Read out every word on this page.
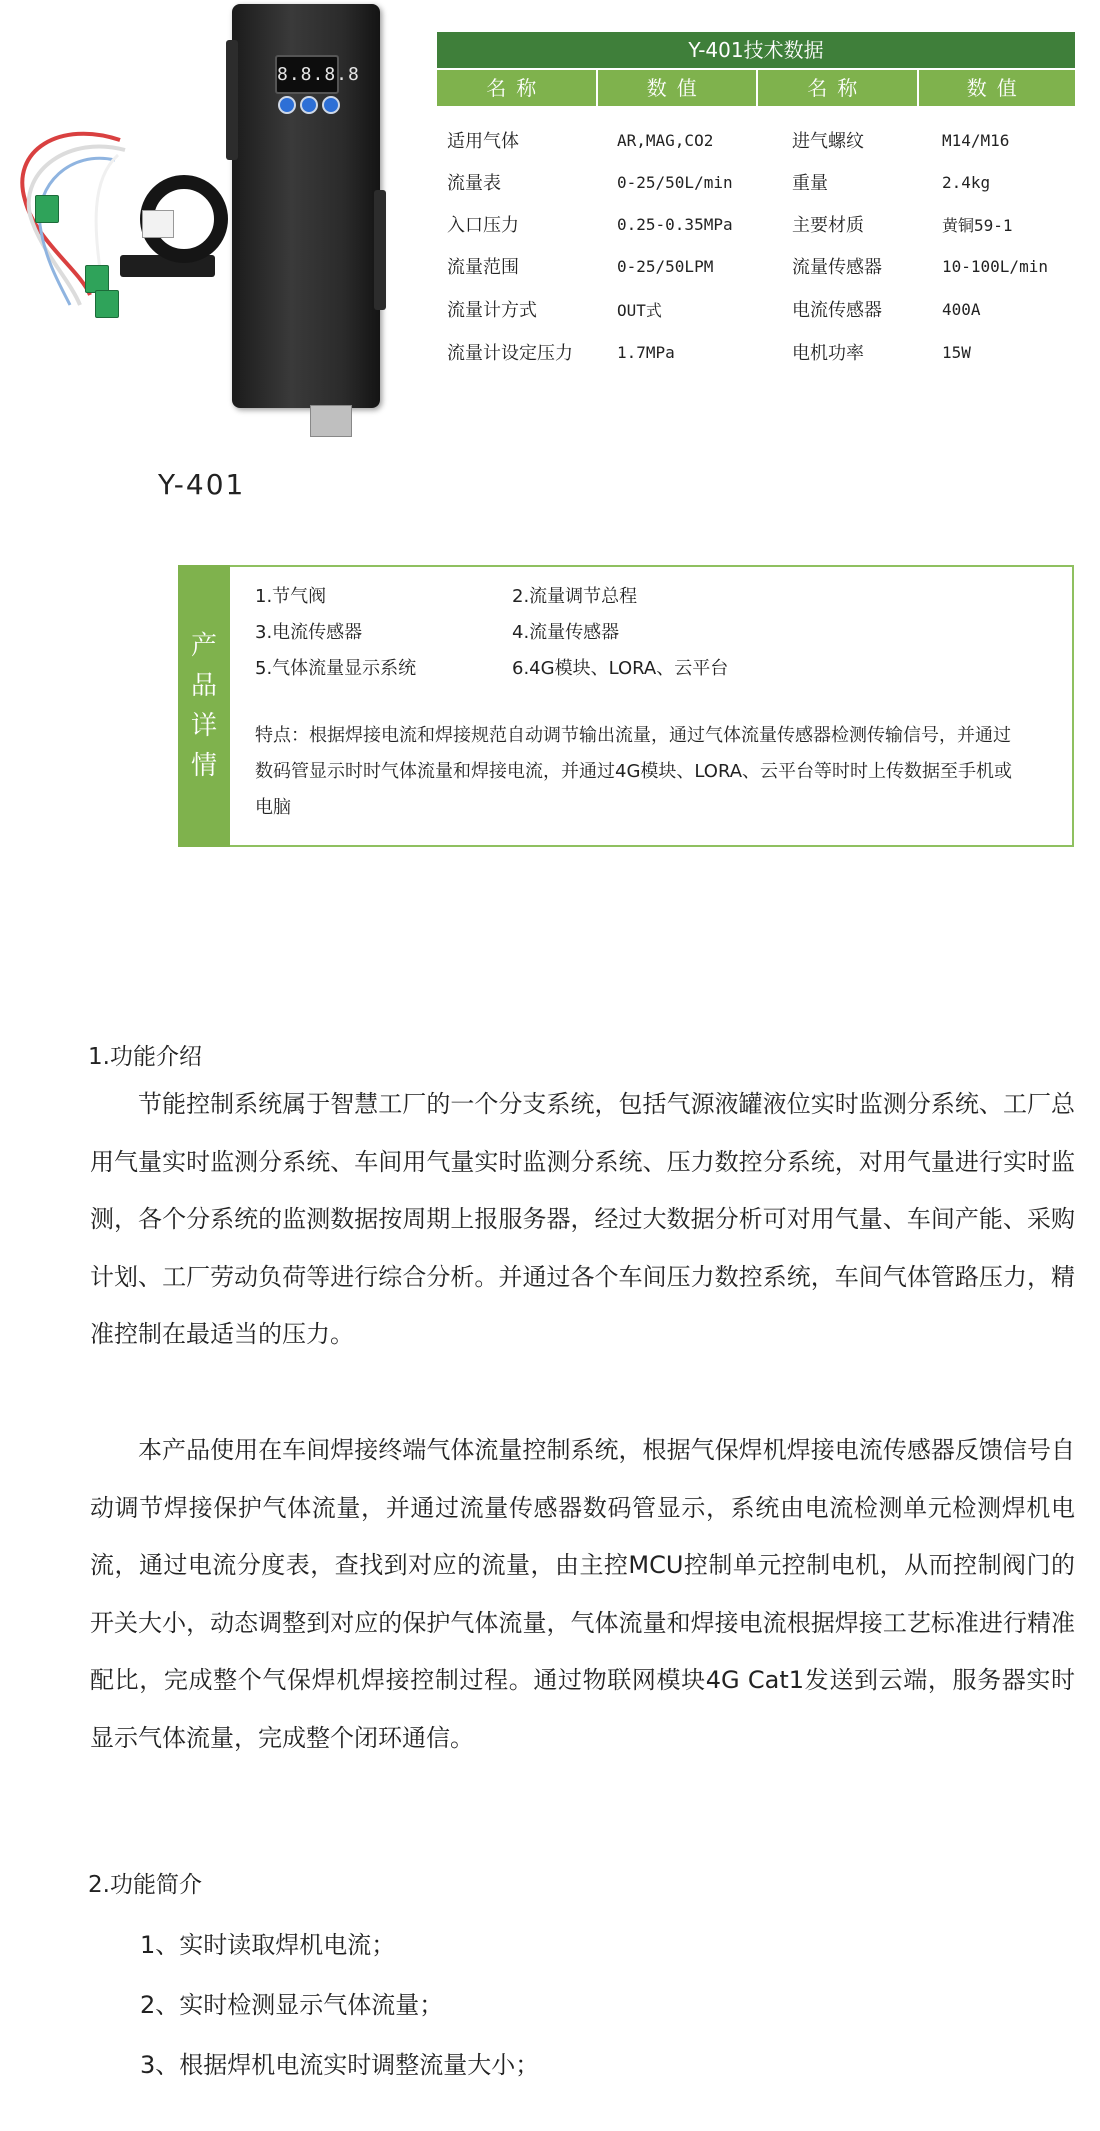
8.8.8.8
Y-401
Y-401技术数据
名称	数值	名称	数值
适用气体	AR,MAG,CO2	进气螺纹	M14/M16
流量表	0-25/50L/min	重量	2.4kg
入口压力	0.25-0.35MPa	主要材质	黄铜59-1
流量范围	0-25/50LPM	流量传感器	10-100L/min
流量计方式	OUT式	电流传感器	400A
流量计设定压力	1.7MPa	电机功率	15W
产
品
详
情
1.节气阀	2.流量调节总程
3.电流传感器	4.流量传感器
5.气体流量显示系统	6.4G模块、LORA、云平台
特点：根据焊接电流和焊接规范自动调节输出流量，通过气体流量传感器检测传输信号，并通过数码管显示时时气体流量和焊接电流，并通过4G模块、LORA、云平台等时时上传数据至手机或电脑
1.功能介绍
节能控制系统属于智慧工厂的一个分支系统，包括气源液罐液位实时监测分系统、工厂总用气量实时监测分系统、车间用气量实时监测分系统、压力数控分系统，对用气量进行实时监测，各个分系统的监测数据按周期上报服务器，经过大数据分析可对用气量、车间产能、采购计划、工厂劳动负荷等进行综合分析。并通过各个车间压力数控系统，车间气体管路压力，精准控制在最适当的压力。
本产品使用在车间焊接终端气体流量控制系统，根据气保焊机焊接电流传感器反馈信号自动调节焊接保护气体流量，并通过流量传感器数码管显示，系统由电流检测单元检测焊机电流，通过电流分度表，查找到对应的流量，由主控MCU控制单元控制电机，从而控制阀门的开关大小，动态调整到对应的保护气体流量，气体流量和焊接电流根据焊接工艺标准进行精准配比，完成整个气保焊机焊接控制过程。通过物联网模块4G Cat1发送到云端，服务器实时显示气体流量，完成整个闭环通信。
2.功能简介
1、实时读取焊机电流；
2、实时检测显示气体流量；
3、根据焊机电流实时调整流量大小；
